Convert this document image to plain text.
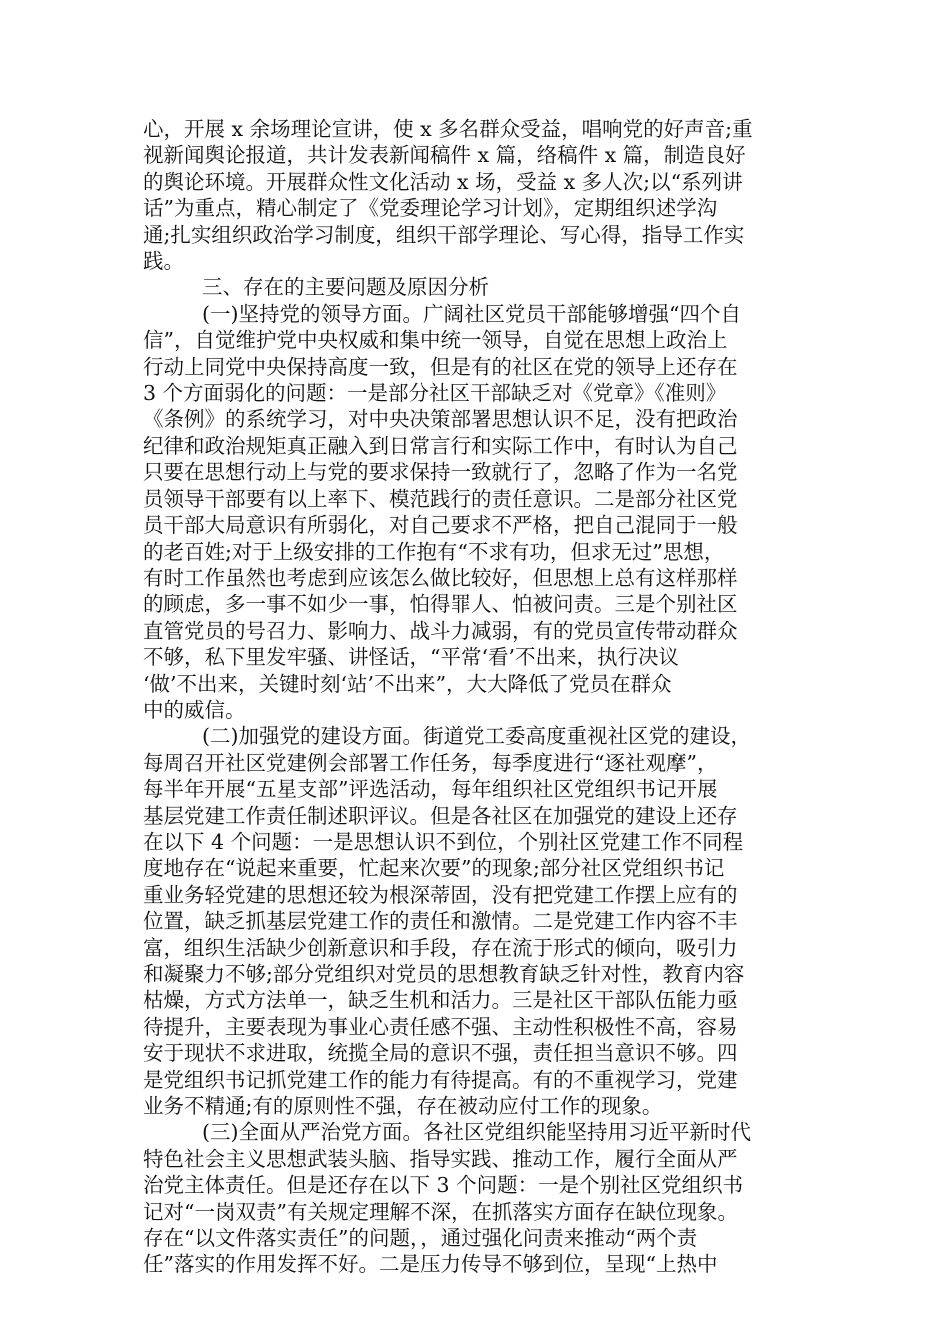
心，开展 x 余场理论宣讲，使 x 多名群众受益，唱响党的好声音;重
视新闻舆论报道，共计发表新闻稿件 x 篇，络稿件 x 篇，制造良好
的舆论环境。开展群众性文化活动 x 场，受益 x 多人次;以“系列讲
话”为重点，精心制定了《党委理论学习计划》，定期组织述学沟
通;扎实组织政治学习制度，组织干部学理论、写心得，指导工作实
践。

三、存在的主要问题及原因分析

(一)坚持党的领导方面。广阔社区党员干部能够增强“四个自
信”，自觉维护党中央权威和集中统一领导，自觉在思想上政治上
行动上同党中央保持高度一致，但是有的社区在党的领导上还存在
3 个方面弱化的问题：一是部分社区干部缺乏对《党章》《准则》
《条例》的系统学习，对中央决策部署思想认识不足，没有把政治
纪律和政治规矩真正融入到日常言行和实际工作中，有时认为自己
只要在思想行动上与党的要求保持一致就行了，忽略了作为一名党
员领导干部要有以上率下、模范践行的责任意识。二是部分社区党
员干部大局意识有所弱化，对自己要求不严格，把自己混同于一般
的老百姓;对于上级安排的工作抱有“不求有功，但求无过”思想，
有时工作虽然也考虑到应该怎么做比较好，但思想上总有这样那样
的顾虑，多一事不如少一事，怕得罪人、怕被问责。三是个别社区
直管党员的号召力、影响力、战斗力减弱，有的党员宣传带动群众
不够，私下里发牢骚、讲怪话，“平常‘看’不出来，执行决议
‘做’不出来，关键时刻‘站’不出来”，大大降低了党员在群众
中的威信。

(二)加强党的建设方面。街道党工委高度重视社区党的建设，
每周召开社区党建例会部署工作任务，每季度进行“逐社观摩”，
每半年开展“五星支部”评选活动，每年组织社区党组织书记开展
基层党建工作责任制述职评议。但是各社区在加强党的建设上还存
在以下 4 个问题：一是思想认识不到位，个别社区党建工作不同程
度地存在“说起来重要，忙起来次要”的现象;部分社区党组织书记
重业务轻党建的思想还较为根深蒂固，没有把党建工作摆上应有的
位置，缺乏抓基层党建工作的责任和激情。二是党建工作内容不丰
富，组织生活缺少创新意识和手段，存在流于形式的倾向，吸引力
和凝聚力不够;部分党组织对党员的思想教育缺乏针对性，教育内容
枯燥，方式方法单一，缺乏生机和活力。三是社区干部队伍能力亟
待提升，主要表现为事业心责任感不强、主动性积极性不高，容易
安于现状不求进取，统揽全局的意识不强，责任担当意识不够。四
是党组织书记抓党建工作的能力有待提高。有的不重视学习，党建
业务不精通;有的原则性不强，存在被动应付工作的现象。

(三)全面从严治党方面。各社区党组织能坚持用习近平新时代
特色社会主义思想武装头脑、指导实践、推动工作，履行全面从严
治党主体责任。但是还存在以下 3 个问题：一是个别社区党组织书
记对“一岗双责”有关规定理解不深，在抓落实方面存在缺位现象。
存在“以文件落实责任”的问题，，通过强化问责来推动“两个责
任”落实的作用发挥不好。二是压力传导不够到位，呈现“上热中
